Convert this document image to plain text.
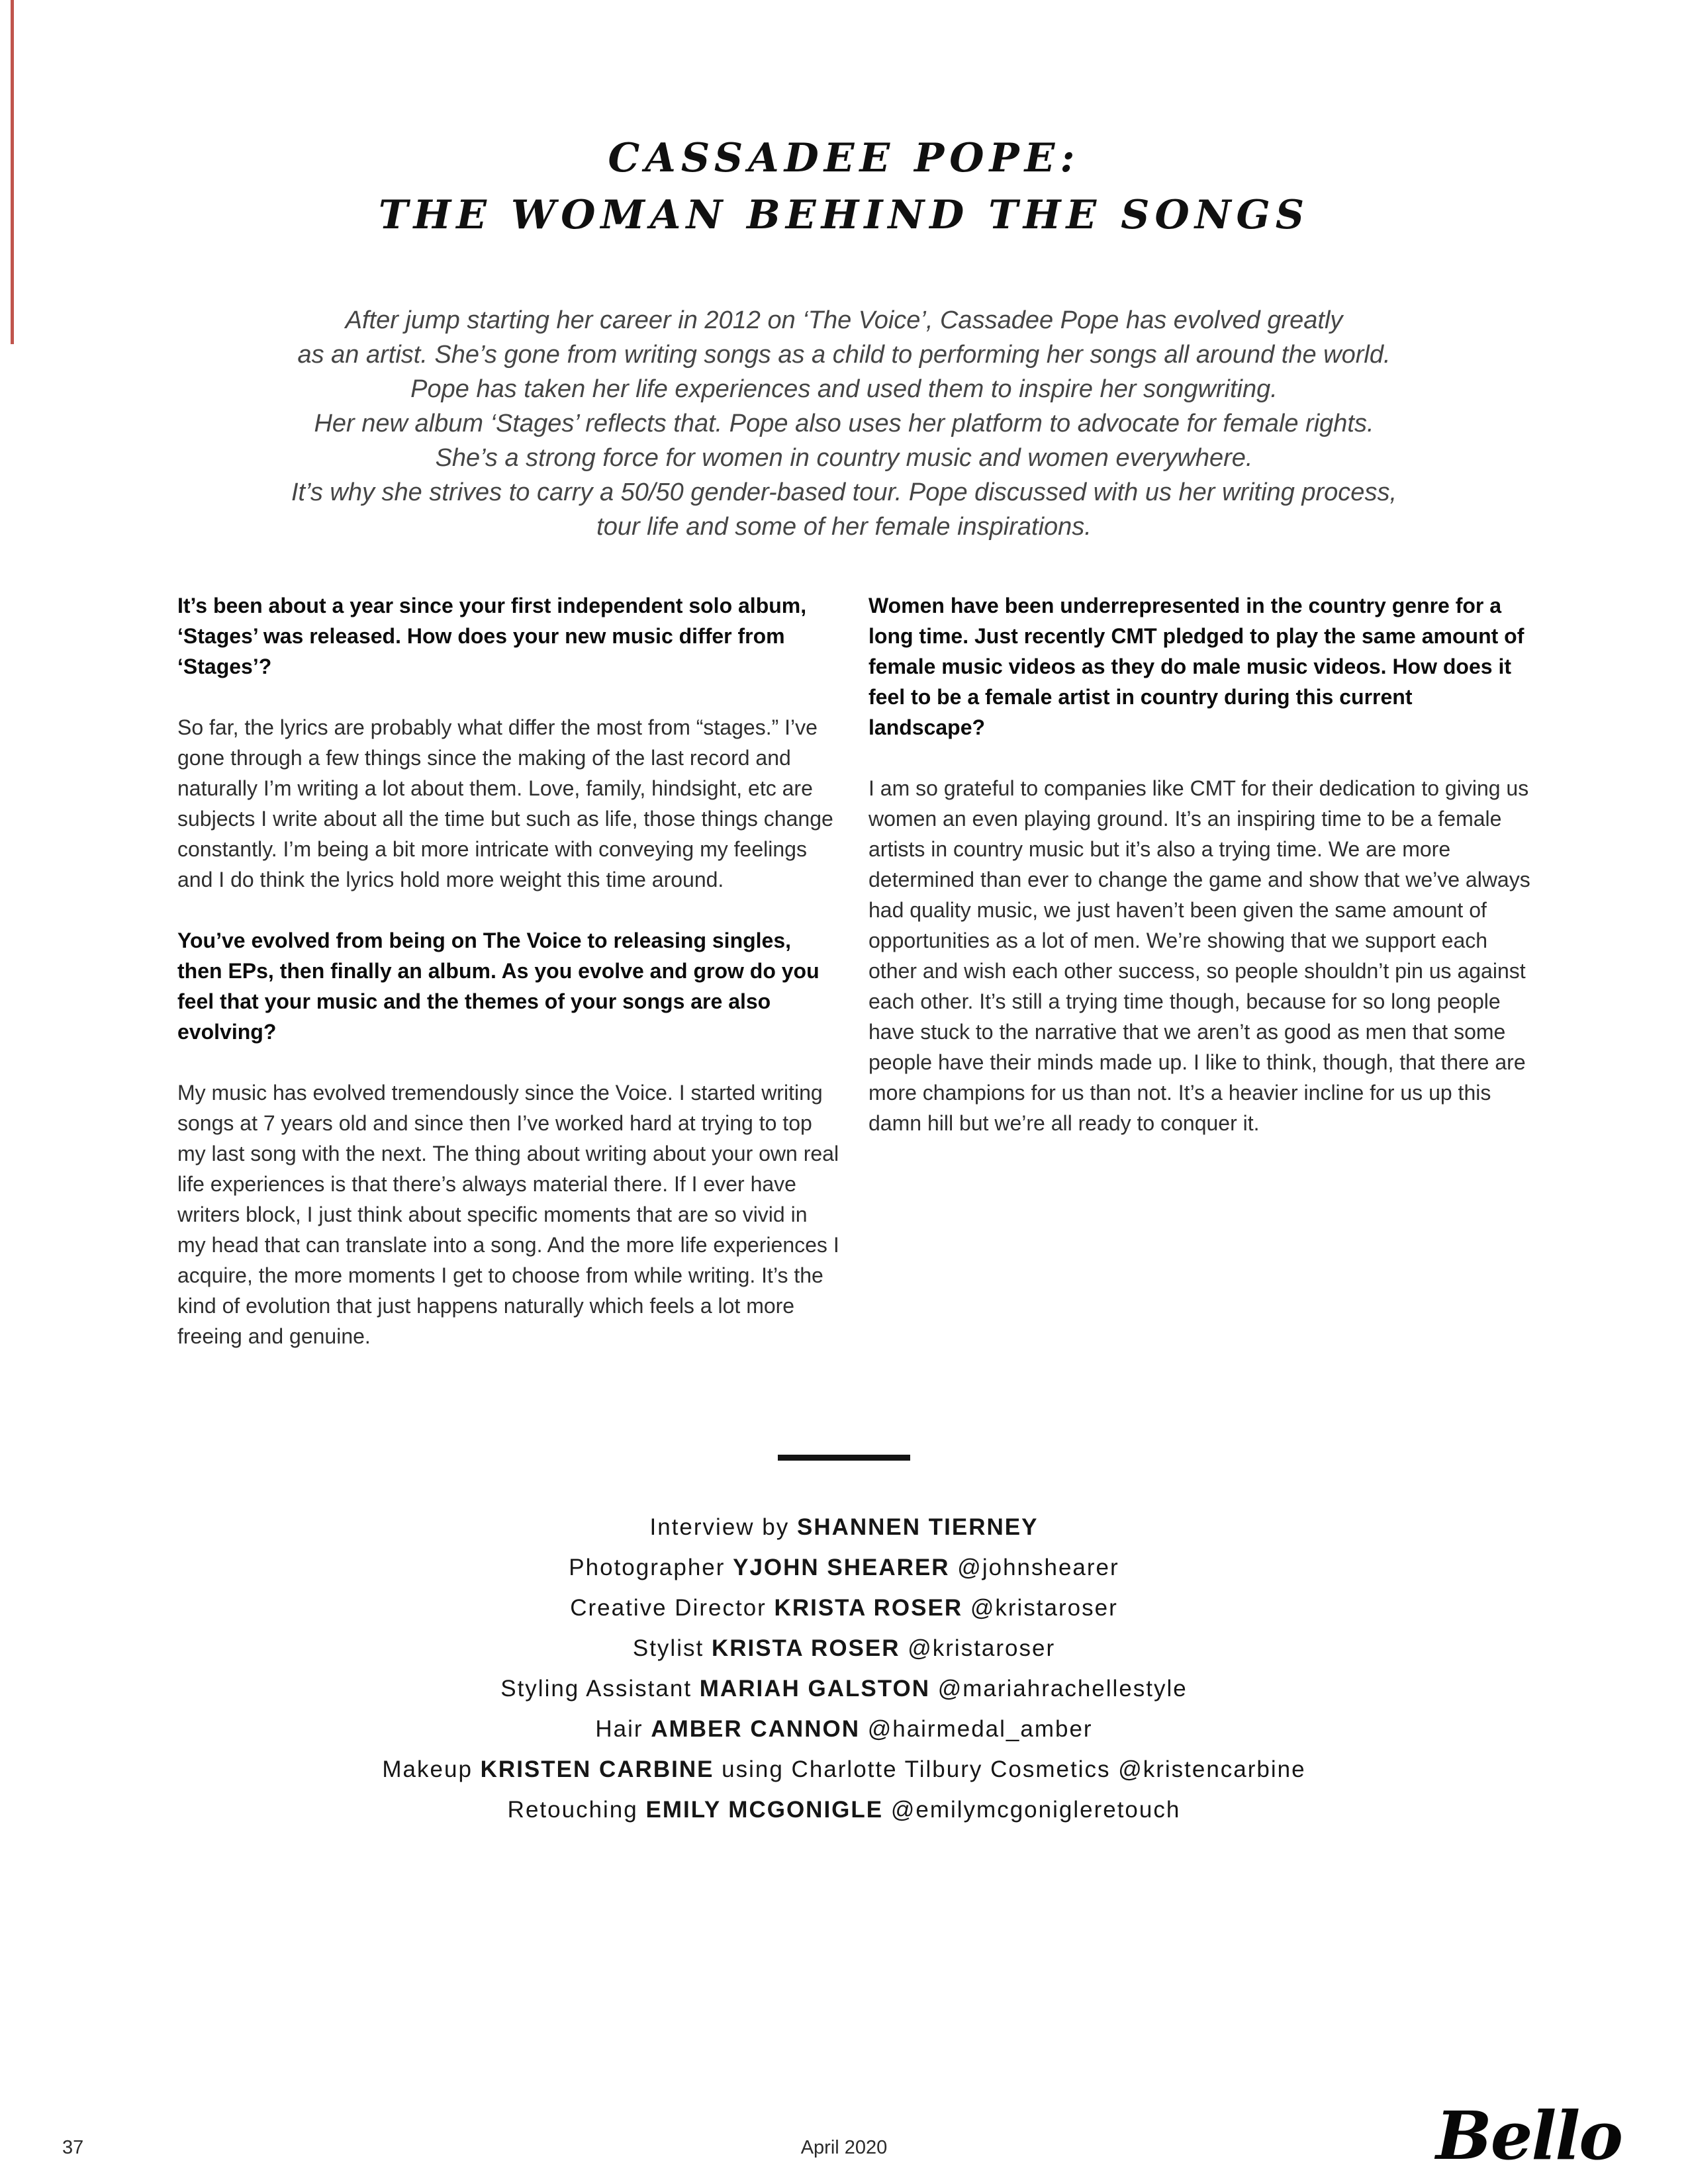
CASSADEE POPE:
THE WOMAN BEHIND THE SONGS
After jump starting her career in 2012 on ‘The Voice’, Cassadee Pope has evolved greatly
as an artist. She’s gone from writing songs as a child to performing her songs all around the world.
Pope has taken her life experiences and used them to inspire her songwriting.
Her new album ‘Stages’ reflects that. Pope also uses her platform to advocate for female rights.
She’s a strong force for women in country music and women everywhere.
It’s why she strives to carry a 50/50 gender-based tour. Pope discussed with us her writing process,
tour life and some of her female inspirations.

It’s been about a year since your first independent solo album, ‘Stages’ was released. How does your new music differ from ‘Stages’?

So far, the lyrics are probably what differ the most from “stages.” I’ve gone through a few things since the making of the last record and naturally I’m writing a lot about them. Love, family, hindsight, etc are subjects I write about all the time but such as life, those things change constantly. I’m being a bit more intricate with conveying my feelings and I do think the lyrics hold more weight this time around.

You’ve evolved from being on The Voice to releasing singles, then EPs, then finally an album. As you evolve and grow do you feel that your music and the themes of your songs are also evolving?

My music has evolved tremendously since the Voice. I started writing songs at 7 years old and since then I’ve worked hard at trying to top my last song with the next. The thing about writing about your own real life experiences is that there’s always material there. If I ever have writers block, I just think about specific moments that are so vivid in my head that can translate into a song. And the more life experiences I acquire, the more moments I get to choose from while writing. It’s the kind of evolution that just happens naturally which feels a lot more freeing and genuine.

Women have been underrepresented in the country genre for a long time. Just recently CMT pledged to play the same amount of female music videos as they do male music videos. How does it feel to be a female artist in country during this current landscape?

I am so grateful to companies like CMT for their dedication to giving us women an even playing ground. It’s an inspiring time to be a female artists in country music but it’s also a trying time. We are more determined than ever to change the game and show that we’ve always had quality music, we just haven’t been given the same amount of opportunities as a lot of men. We’re showing that we support each other and wish each other success, so people shouldn’t pin us against each other. It’s still a trying time though, because for so long people have stuck to the narrative that we aren’t as good as men that some people have their minds made up. I like to think, though, that there are more champions for us than not. It’s a heavier incline for us up this damn hill but we’re all ready to conquer it.

Interview by SHANNEN TIERNEY
Photographer YJOHN SHEARER @johnshearer
Creative Director KRISTA ROSER @kristaroser
Stylist KRISTA ROSER @kristaroser
Styling Assistant MARIAH GALSTON @mariahrachellestyle
Hair AMBER CANNON @hairmedal_amber
Makeup KRISTEN CARBINE using Charlotte Tilbury Cosmetics @kristencarbine
Retouching EMILY MCGONIGLE @emilymcgonigleretouch
37	April 2020	Bello
